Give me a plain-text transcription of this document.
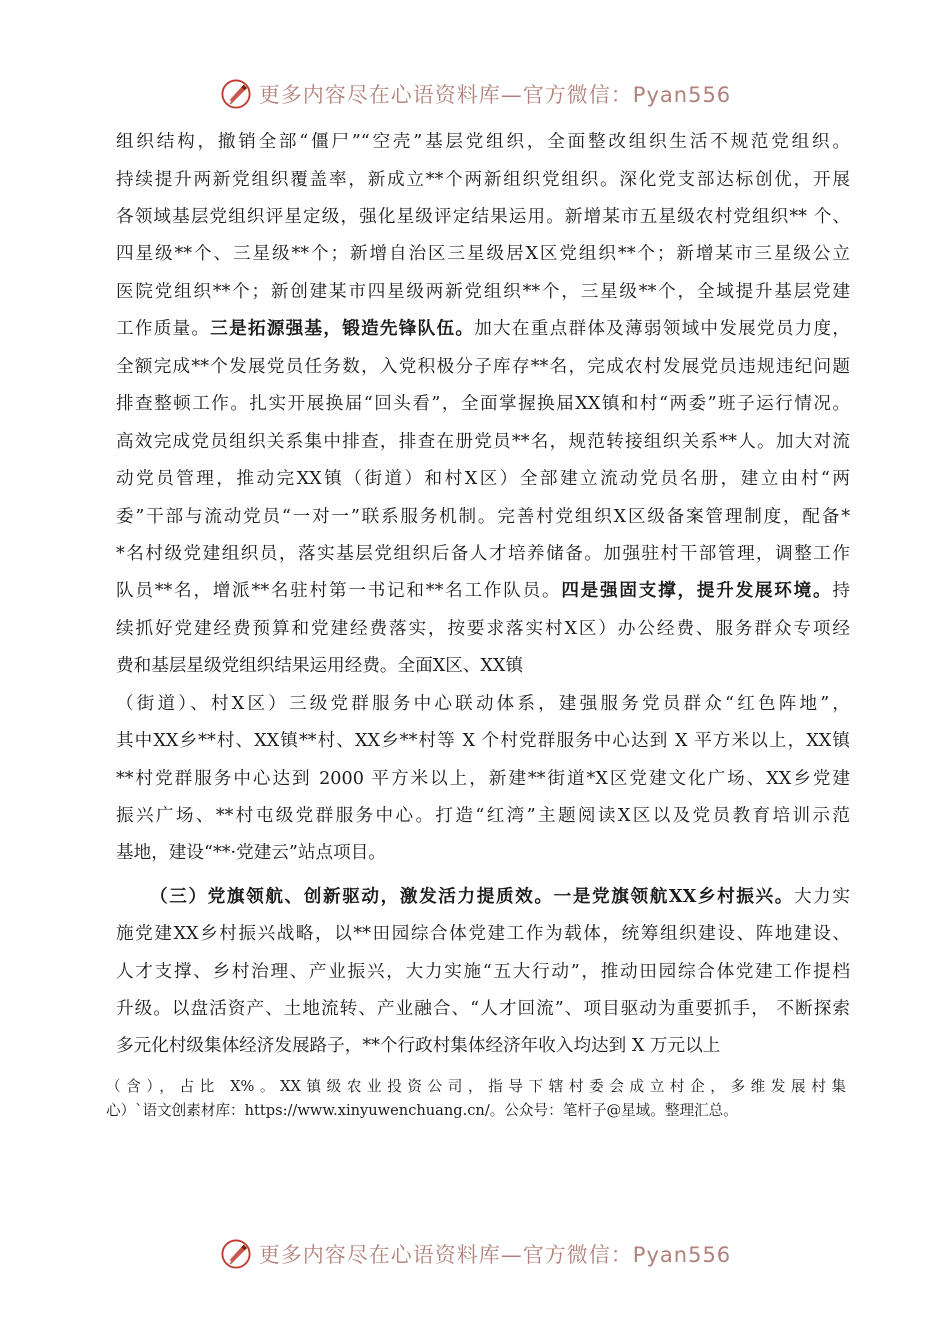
更多内容尽在心语资料库—官方微信：Pyan556
组织结构，撤销全部“僵尸”“空壳”基层党组织，全面整改组织生活不规范党组织。
持续提升两新党组织覆盖率，新成立**个两新组织党组织。深化党支部达标创优，开展
各领域基层党组织评星定级，强化星级评定结果运用。新增某市五星级农村党组织** 个、
四星级**个、三星级**个；新增自治区三星级居X区党组织**个；新增某市三星级公立
医院党组织**个；新创建某市四星级两新党组织**个，三星级**个，全域提升基层党建
工作质量。三是拓源强基，锻造先锋队伍。加大在重点群体及薄弱领域中发展党员力度，
全额完成**个发展党员任务数，入党积极分子库存**名，完成农村发展党员违规违纪问题
排查整顿工作。扎实开展换届“回头看”，全面掌握换届XX镇和村“两委”班子运行情况。
高效完成党员组织关系集中排查，排查在册党员**名，规范转接组织关系**人。加大对流
动党员管理，推动完XX镇（街道）和村X区）全部建立流动党员名册，建立由村“两
委”干部与流动党员“一对一”联系服务机制。完善村党组织X区级备案管理制度，配备*
*名村级党建组织员，落实基层党组织后备人才培养储备。加强驻村干部管理，调整工作
队员**名，增派**名驻村第一书记和**名工作队员。四是强固支撑，提升发展环境。持
续抓好党建经费预算和党建经费落实，按要求落实村X区）办公经费、服务群众专项经
费和基层星级党组织结果运用经费。全面X区、XX镇
（街道）、村X区）三级党群服务中心联动体系，建强服务党员群众“红色阵地”，
其中XX乡**村、XX镇**村、XX乡**村等 X 个村党群服务中心达到 X 平方米以上，XX镇
**村党群服务中心达到 2000 平方米以上，新建**街道*X区党建文化广场、XX乡党建
振兴广场、**村屯级党群服务中心。打造“红湾”主题阅读X区以及党员教育培训示范
基地，建设“**·党建云”站点项目。
（三）党旗领航、创新驱动，激发活力提质效。一是党旗领航XX乡村振兴。大力实
施党建XX乡村振兴战略，以**田园综合体党建工作为载体，统筹组织建设、阵地建设、
人才支撑、乡村治理、产业振兴，大力实施“五大行动”，推动田园综合体党建工作提档
升级。以盘活资产、土地流转、产业融合、“人才回流”、项目驱动为重要抓手， 不断探索
多元化村级集体经济发展路子，**个行政村集体经济年收入均达到 X 万元以上
（含），占比 X%。XX镇级农业投资公司，指导下辖村委会成立村企，多维发展村集
心）`语文创素材库：https://www.xinyuwenchuang.cn/。公众号：笔杆子@星域。整理汇总。
更多内容尽在心语资料库—官方微信：Pyan556
